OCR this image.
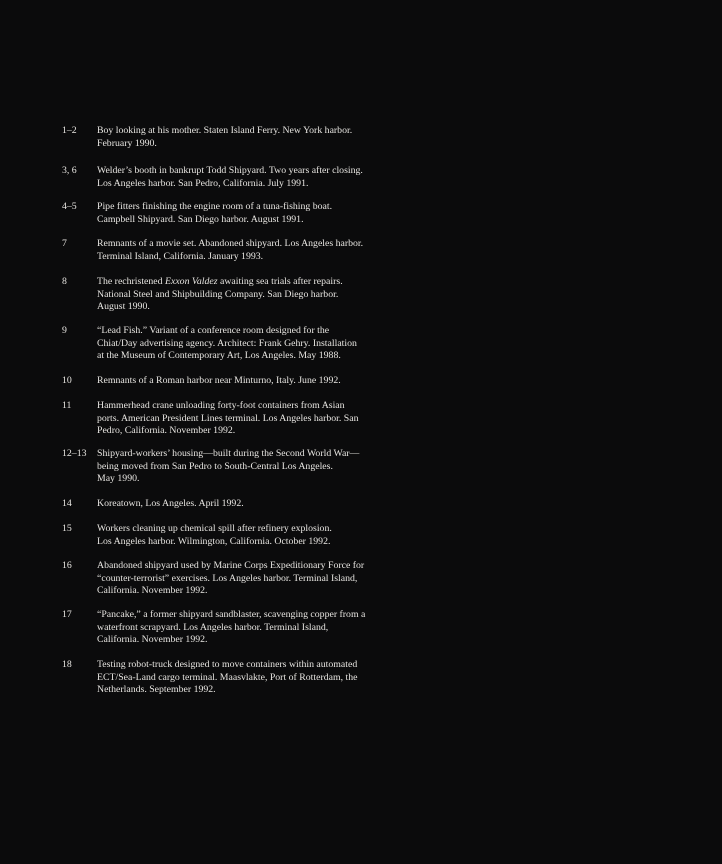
1–2	Boy looking at his mother. Staten Island Ferry. New York harbor.
February 1990.
3, 6	Welder’s booth in bankrupt Todd Shipyard. Two years after closing.
Los Angeles harbor. San Pedro, California. July 1991.
4–5	Pipe fitters finishing the engine room of a tuna-fishing boat.
Campbell Shipyard. San Diego harbor. August 1991.
7	Remnants of a movie set. Abandoned shipyard. Los Angeles harbor.
Terminal Island, California. January 1993.
8	The rechristened Exxon Valdez awaiting sea trials after repairs.
National Steel and Shipbuilding Company. San Diego harbor.
August 1990.
9	“Lead Fish.” Variant of a conference room designed for the
Chiat/Day advertising agency. Architect: Frank Gehry. Installation
at the Museum of Contemporary Art, Los Angeles. May 1988.
10	Remnants of a Roman harbor near Minturno, Italy. June 1992.
11	Hammerhead crane unloading forty-foot containers from Asian
ports. American President Lines terminal. Los Angeles harbor. San
Pedro, California. November 1992.
12–13	Shipyard-workers’ housing—built during the Second World War—
being moved from San Pedro to South-Central Los Angeles.
May 1990.
14	Koreatown, Los Angeles. April 1992.
15	Workers cleaning up chemical spill after refinery explosion.
Los Angeles harbor. Wilmington, California. October 1992.
16	Abandoned shipyard used by Marine Corps Expeditionary Force for
“counter-terrorist” exercises. Los Angeles harbor. Terminal Island,
California. November 1992.
17	“Pancake,” a former shipyard sandblaster, scavenging copper from a
waterfront scrapyard. Los Angeles harbor. Terminal Island,
California. November 1992.
18	Testing robot-truck designed to move containers within automated
ECT/Sea-Land cargo terminal. Maasvlakte, Port of Rotterdam, the
Netherlands. September 1992.
